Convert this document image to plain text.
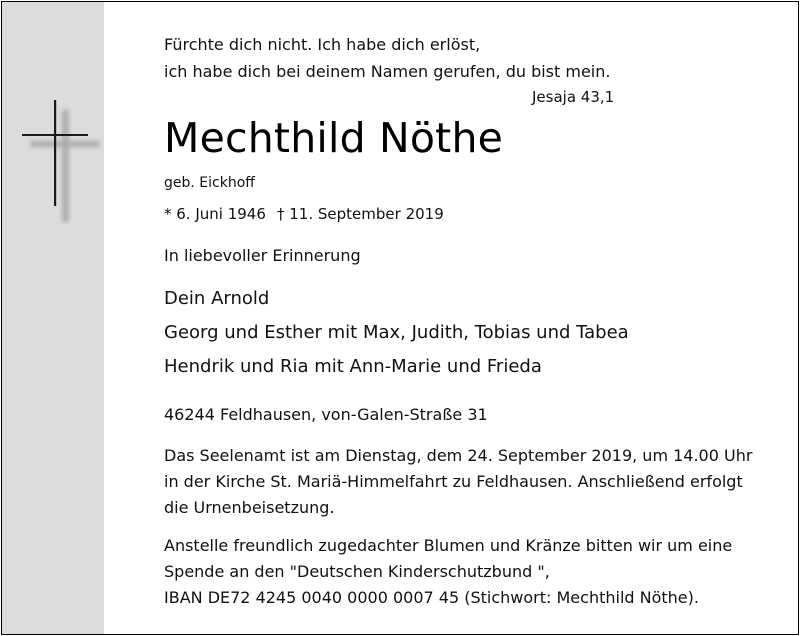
Fürchte dich nicht. Ich habe dich erlöst,
ich habe dich bei deinem Namen gerufen, du bist mein.
Jesaja 43,1
Mechthild Nöthe
geb. Eickhoff
* 6. Juni 1946 † 11. September 2019
In liebevoller Erinnerung
Dein Arnold
Georg und Esther mit Max, Judith, Tobias und Tabea
Hendrik und Ria mit Ann-Marie und Frieda
46244 Feldhausen, von-Galen-Straße 31
Das Seelenamt ist am Dienstag, dem 24. September 2019, um 14.00 Uhr
in der Kirche St. Mariä-Himmelfahrt zu Feldhausen. Anschließend erfolgt
die Urnenbeisetzung.
Anstelle freundlich zugedachter Blumen und Kränze bitten wir um eine
Spende an den "Deutschen Kinderschutzbund ",
IBAN DE72 4245 0040 0000 0007 45 (Stichwort: Mechthild Nöthe).
